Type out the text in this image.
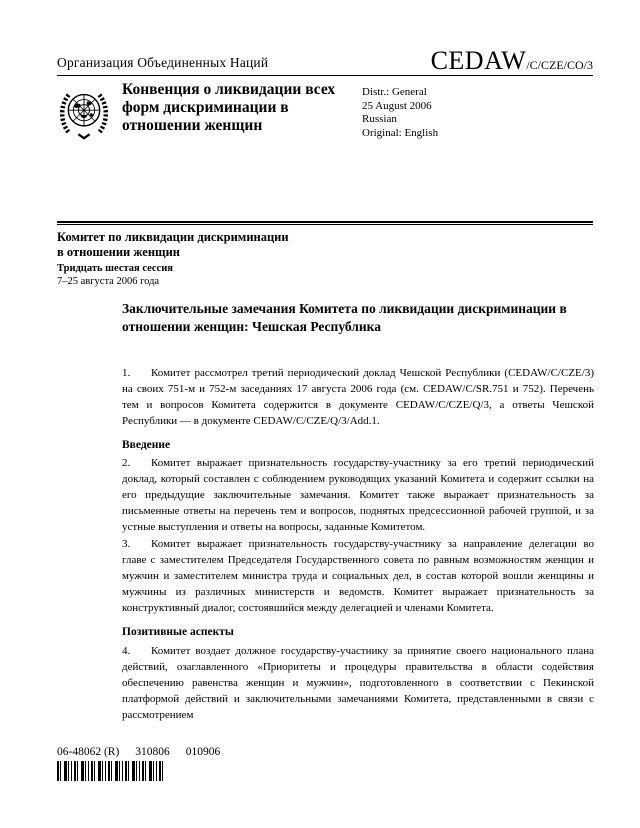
Организация Объединенных Наций	CEDAW/C/CZE/CO/3
Конвенция о ликвидации всех форм дискриминации в отношении женщин
Distr.: General
25 August 2006
Russian
Original: English
Комитет по ликвидации дискриминации
в отношении женщин
Тридцать шестая сессия
7–25 августа 2006 года
Заключительные замечания Комитета по ликвидации дискриминации в отношении женщин: Чешская Республика
1. Комитет рассмотрел третий периодический доклад Чешской Республики (CEDAW/C/CZE/3) на своих 751-м и 752-м заседаниях 17 августа 2006 года (см. CEDAW/C/SR.751 и 752). Перечень тем и вопросов Комитета содержится в документе CEDAW/C/CZE/Q/3, а ответы Чешской Республики — в документе CEDAW/C/CZE/Q/3/Add.1.
Введение
2. Комитет выражает признательность государству-участнику за его третий периодический доклад, который составлен с соблюдением руководящих указаний Комитета и содержит ссылки на его предыдущие заключительные замечания. Комитет также выражает признательность за письменные ответы на перечень тем и вопросов, поднятых предсессионной рабочей группой, и за устные выступления и ответы на вопросы, заданные Комитетом.
3. Комитет выражает признательность государству-участнику за направление делегации во главе с заместителем Председателя Государственного совета по равным возможностям женщин и мужчин и заместителем министра труда и социальных дел, в состав которой вошли женщины и мужчины из различных министерств и ведомств. Комитет выражает признательность за конструктивный диалог, состоявшийся между делегацией и членами Комитета.
Позитивные аспекты
4. Комитет воздает должное государству-участнику за принятие своего национального плана действий, озаглавленного «Приоритеты и процедуры правительства в области содействия обеспечению равенства женщин и мужчин», подготовленного в соответствии с Пекинской платформой действий и заключительными замечаниями Комитета, представленными в связи с рассмотрением
06-48062 (R) 310806 010906
